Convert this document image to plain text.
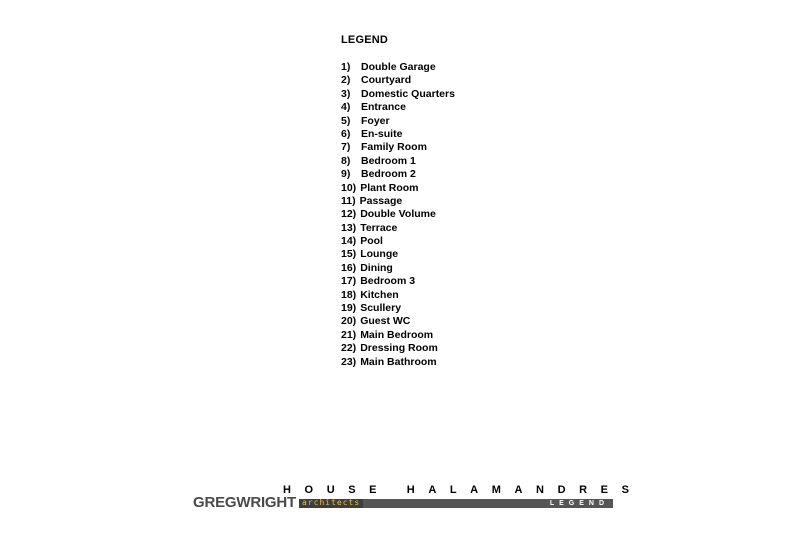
LEGEND
1)	Double Garage
2)	Courtyard
3)	Domestic Quarters
4)	Entrance
5)	Foyer
6)	En-suite
7)	Family Room
8)	Bedroom 1
9)	Bedroom 2
10) Plant Room
11) Passage
12) Double Volume
13) Terrace
14) Pool
15) Lounge
16) Dining
17) Bedroom 3
18) Kitchen
19) Scullery
20) Guest WC
21) Main Bedroom
22) Dressing Room
23) Main Bathroom
HOUSE HALAMANDRES
GREGWRIGHT architects	LEGEND
